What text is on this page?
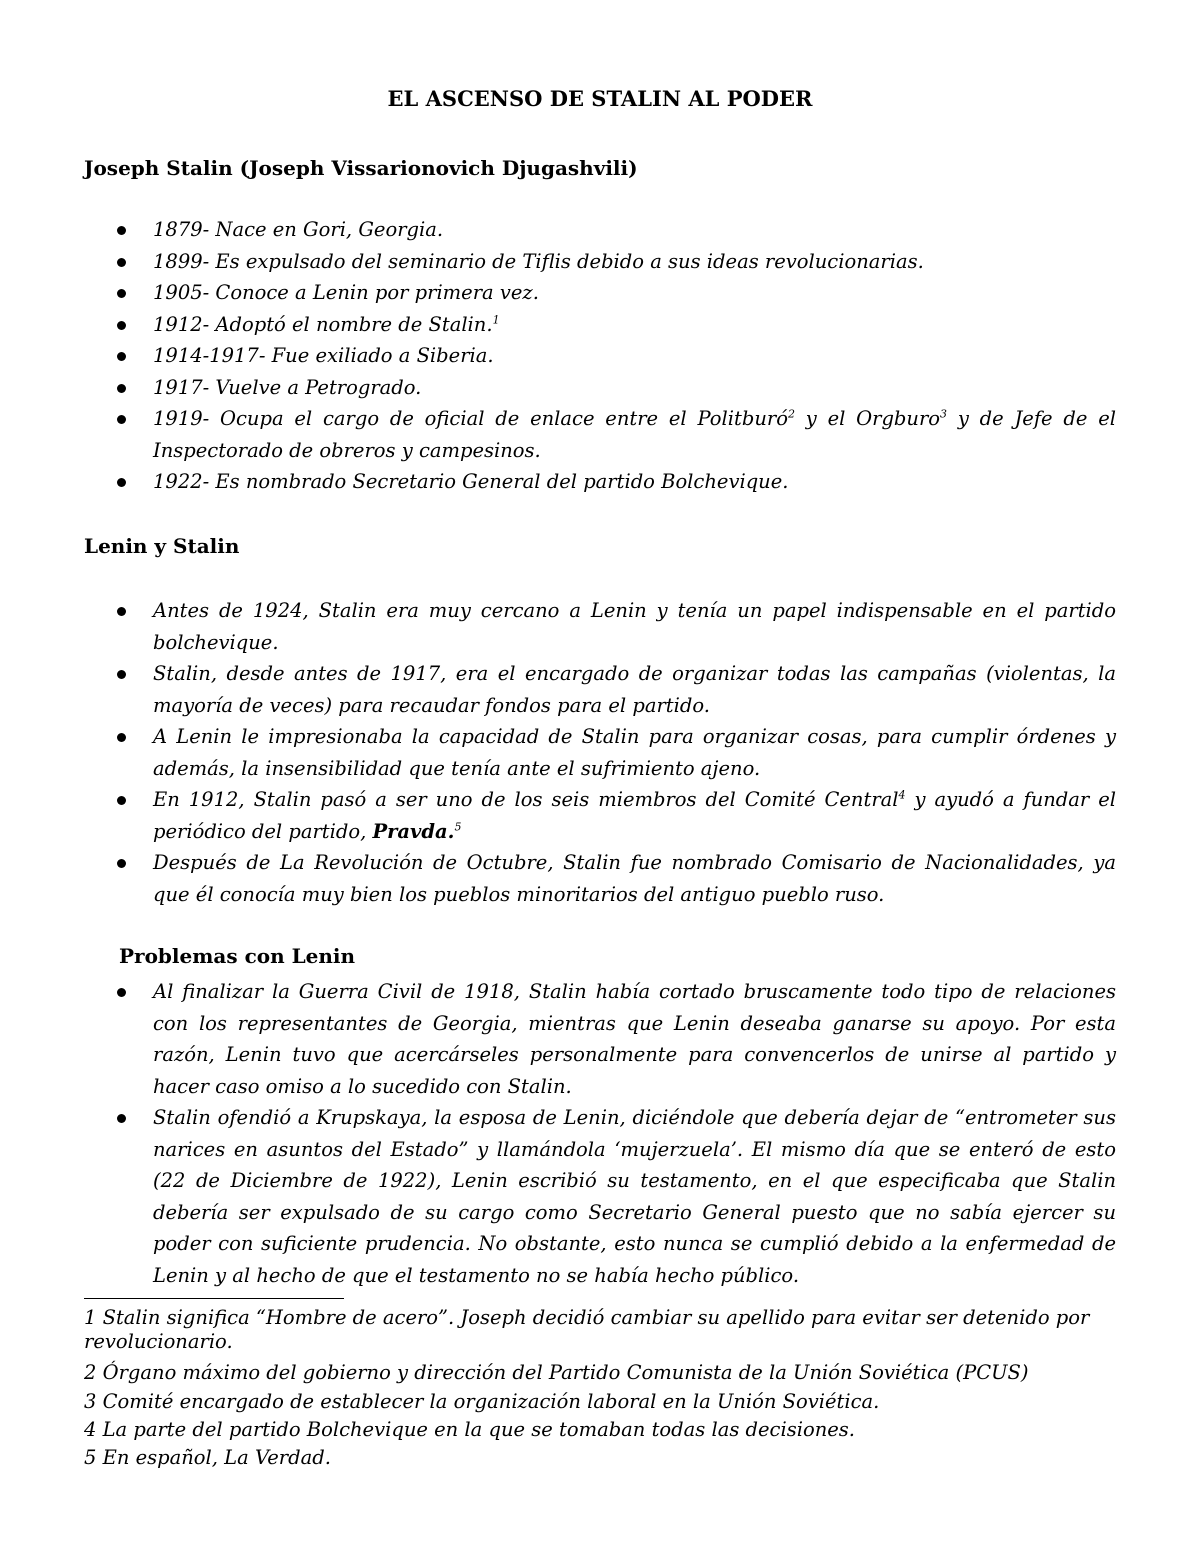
EL ASCENSO DE STALIN AL PODER
Joseph Stalin (Joseph Vissarionovich Djugashvili)
1879- Nace en Gori, Georgia.
1899- Es expulsado del seminario de Tiflis debido a sus ideas revolucionarias.
1905- Conoce a Lenin por primera vez.
1912- Adoptó el nombre de Stalin.$^1$
1914-1917- Fue exiliado a Siberia.
1917- Vuelve a Petrogrado.
1919- Ocupa el cargo de oficial de enlace entre el Politburó$^2$ y el Orgburo$^3$ y de Jefe de el Inspectorado de obreros y campesinos.
1922- Es nombrado Secretario General del partido Bolchevique.
Lenin y Stalin
Antes de 1924, Stalin era muy cercano a Lenin y tenía un papel indispensable en el partido bolchevique.
Stalin, desde antes de 1917, era el encargado de organizar todas las campañas (violentas, la mayoría de veces) para recaudar fondos para el partido.
A Lenin le impresionaba la capacidad de Stalin para organizar cosas, para cumplir órdenes y además, la insensibilidad que tenía ante el sufrimiento ajeno.
En 1912, Stalin pasó a ser uno de los seis miembros del Comité Central$^4$ y ayudó a fundar el periódico del partido, Pravda.$^5$
Después de La Revolución de Octubre, Stalin fue nombrado Comisario de Nacionalidades, ya que él conocía muy bien los pueblos minoritarios del antiguo pueblo ruso.
Problemas con Lenin
Al finalizar la Guerra Civil de 1918, Stalin había cortado bruscamente todo tipo de relaciones con los representantes de Georgia, mientras que Lenin deseaba ganarse su apoyo. Por esta razón, Lenin tuvo que acercárseles personalmente para convencerlos de unirse al partido y hacer caso omiso a lo sucedido con Stalin.
Stalin ofendió a Krupskaya, la esposa de Lenin, diciéndole que debería dejar de “entrometer sus narices en asuntos del Estado” y llamándola ‘mujerzuela’. El mismo día que se enteró de esto (22 de Diciembre de 1922), Lenin escribió su testamento, en el que especificaba que Stalin debería ser expulsado de su cargo como Secretario General puesto que no sabía ejercer su poder con suficiente prudencia. No obstante, esto nunca se cumplió debido a la enfermedad de Lenin y al hecho de que el testamento no se había hecho público.

1 Stalin significa “Hombre de acero”. Joseph decidió cambiar su apellido para evitar ser detenido por revolucionario.

2 Órgano máximo del gobierno y dirección del Partido Comunista de la Unión Soviética (PCUS)

3 Comité encargado de establecer la organización laboral en la Unión Soviética.

4 La parte del partido Bolchevique en la que se tomaban todas las decisiones.

5 En español, La Verdad.
